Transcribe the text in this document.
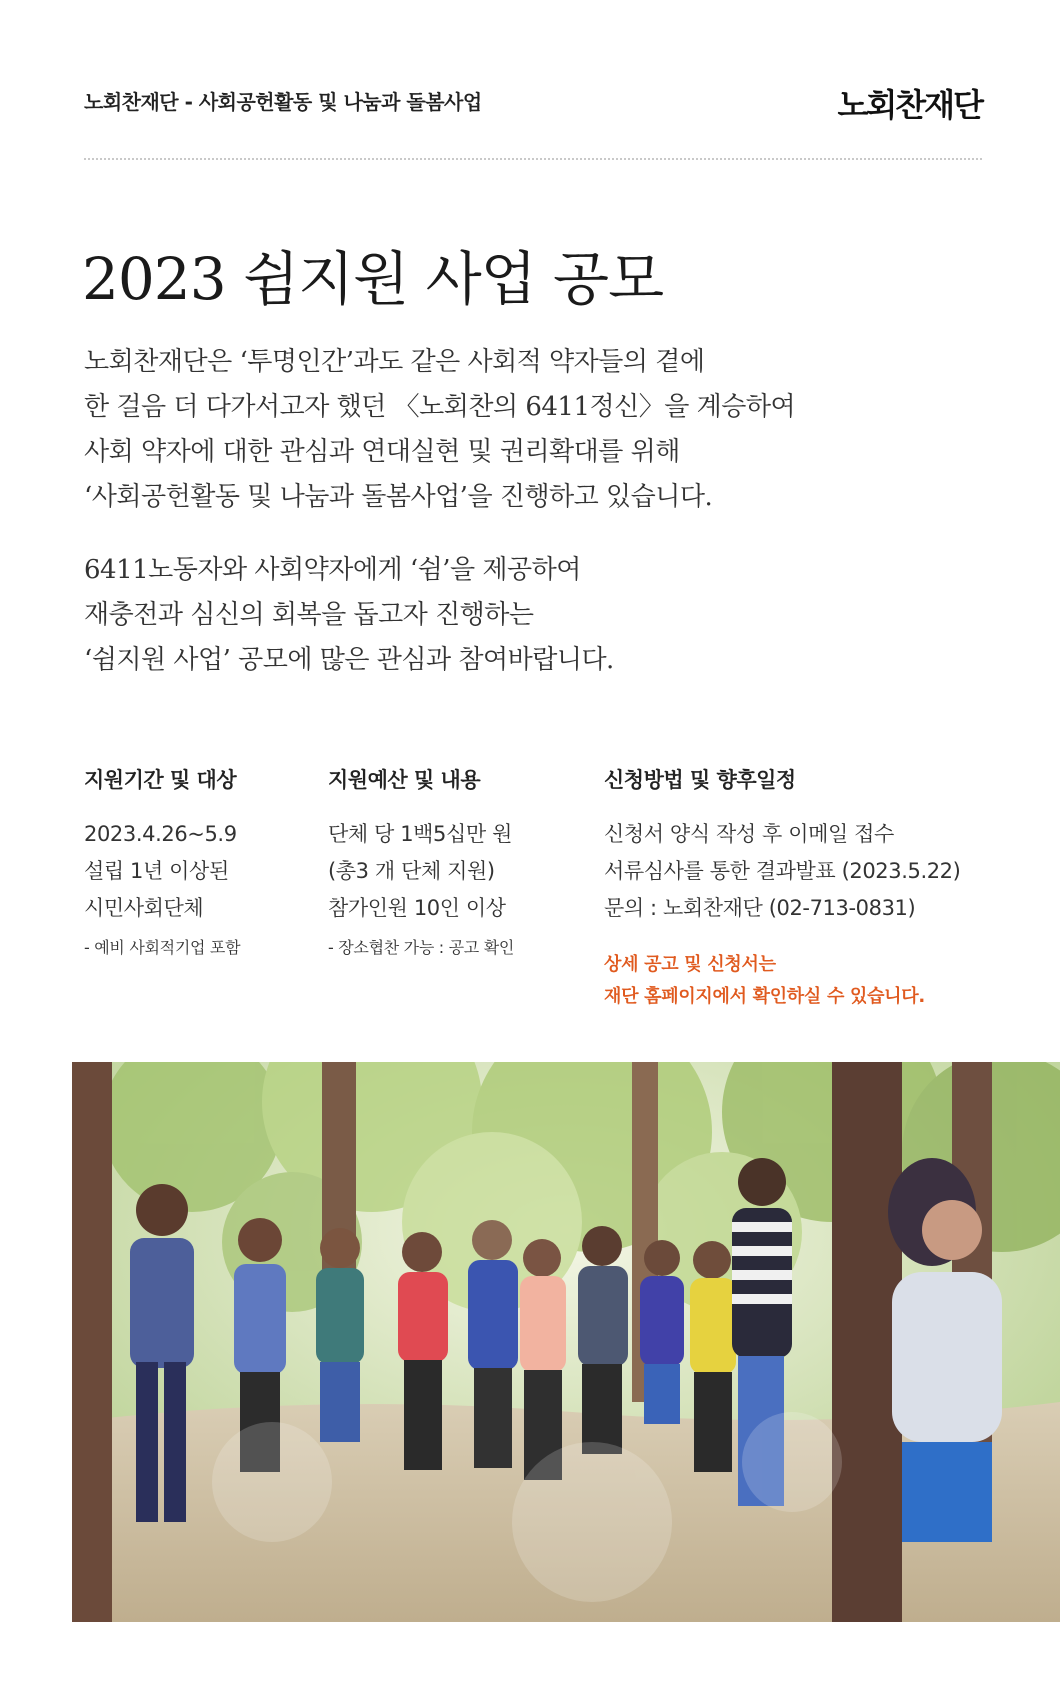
노회찬재단 - 사회공헌활동 및 나눔과 돌봄사업	노회찬재단
2023 쉼지원 사업 공모

노회찬재단은 ‘투명인간’과도 같은 사회적 약자들의 곁에

한 걸음 더 다가서고자 했던 〈노회찬의 6411정신〉을 계승하여

사회 약자에 대한 관심과 연대실현 및 권리확대를 위해

‘사회공헌활동 및 나눔과 돌봄사업’을 진행하고 있습니다.

6411노동자와 사회약자에게 ‘쉼’을 제공하여

재충전과 심신의 회복을 돕고자 진행하는

‘쉼지원 사업’ 공모에 많은 관심과 참여바랍니다.

지원기간 및 대상

2023.4.26~5.9

설립 1년 이상된

시민사회단체

- 예비 사회적기업 포함

지원예산 및 내용

단체 당 1백5십만 원

(총3 개 단체 지원)

참가인원 10인 이상

- 장소협찬 가능 : 공고 확인

신청방법 및 향후일정

신청서 양식 작성 후 이메일 접수

서류심사를 통한 결과발표 (2023.5.22)

문의 : 노회찬재단 (02-713-0831)

상세 공고 및 신청서는

재단 홈페이지에서 확인하실 수 있습니다.
